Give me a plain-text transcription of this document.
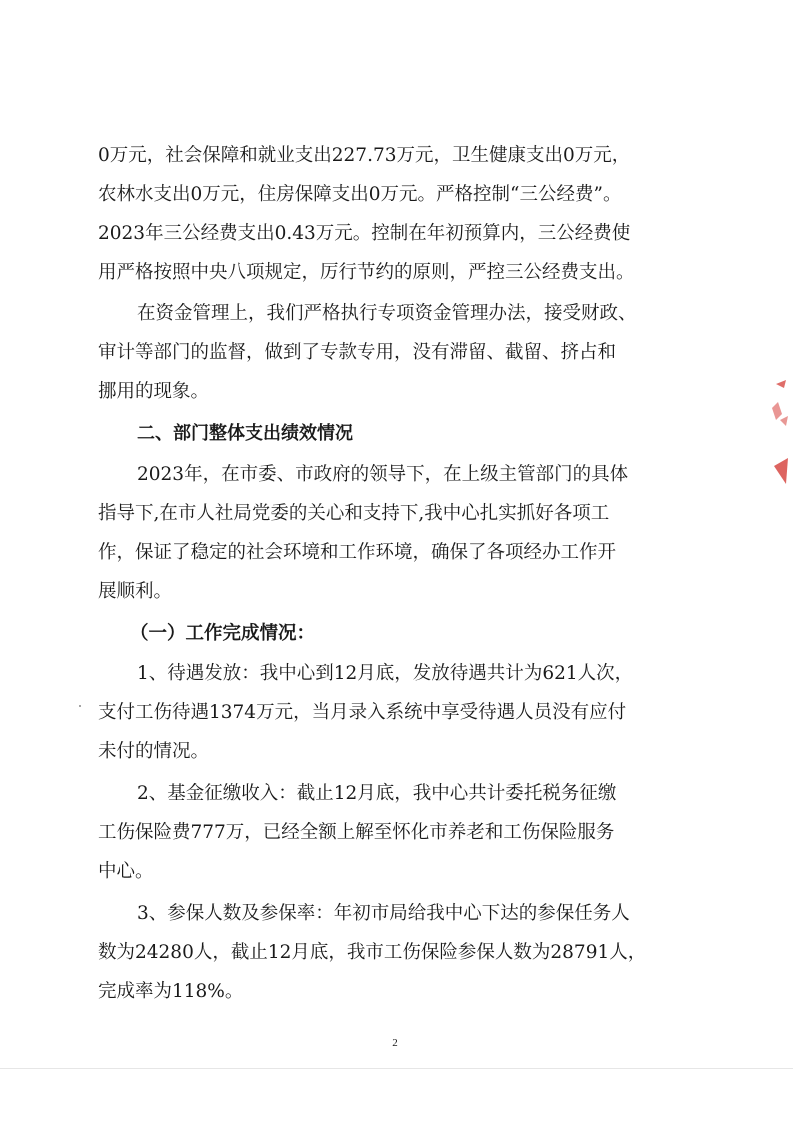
0万元，社会保障和就业支出227.73万元，卫生健康支出0万元，
农林水支出0万元，住房保障支出0万元。严格控制“三公经费”。
2023年三公经费支出0.43万元。控制在年初预算内，三公经费使
用严格按照中央八项规定，厉行节约的原则，严控三公经费支出。
在资金管理上，我们严格执行专项资金管理办法，接受财政、
审计等部门的监督，做到了专款专用，没有滞留、截留、挤占和
挪用的现象。
二、部门整体支出绩效情况
2023年，在市委、市政府的领导下，在上级主管部门的具体
指导下,在市人社局党委的关心和支持下,我中心扎实抓好各项工
作，保证了稳定的社会环境和工作环境，确保了各项经办工作开
展顺利。
（一）工作完成情况：
1、待遇发放：我中心到12月底，发放待遇共计为621人次，
支付工伤待遇1374万元，当月录入系统中享受待遇人员没有应付
未付的情况。
2、基金征缴收入：截止12月底，我中心共计委托税务征缴
工伤保险费777万，已经全额上解至怀化市养老和工伤保险服务
中心。
3、参保人数及参保率：年初市局给我中心下达的参保任务人
数为24280人，截止12月底，我市工伤保险参保人数为28791人，
完成率为118%。
2
